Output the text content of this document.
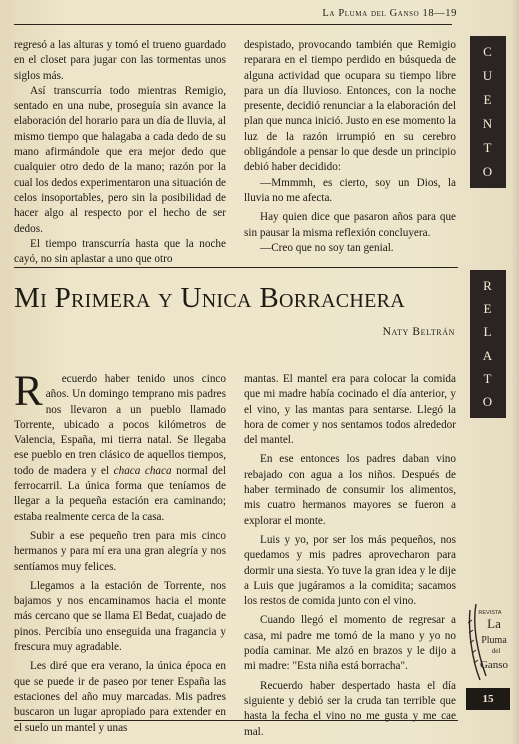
La Pluma del Ganso 18—19
C
U
E
N
T
O

regresó a las alturas y tomó el trueno guardado en el closet para jugar con las tormentas unos siglos más.

Así transcurría todo mientras Remigio, sentado en una nube, proseguía sin avance la elaboración del horario para un día de lluvia, al mismo tiempo que halagaba a cada dedo de su mano afirmándole que era mejor dedo que cualquier otro dedo de la mano; razón por la cual los dedos experimentaron una situación de celos insoportables, pero sin la posibilidad de hacer algo al respecto por el hecho de ser dedos.

El tiempo transcurría hasta que la noche cayó, no sin aplastar a uno que otro

despistado, provocando también que Remigio reparara en el tiempo perdido en búsqueda de alguna actividad que ocupara su tiempo libre para un día lluvioso. Entonces, con la noche presente, decidió renunciar a la elaboración del plan que nunca inició. Justo en ese momento la luz de la razón irrumpió en su cerebro obligándole a pensar lo que desde un principio debió haber decidido:

—Mmmmh, es cierto, soy un Dios, la lluvia no me afecta.

Hay quien dice que pasaron años para que sin pausar la misma reflexión concluyera.

—Creo que no soy tan genial.

Mi Primera y Unica Borrachera
Naty Beltrán
R
E
L
A
T
O

R ecuerdo haber tenido unos cinco años. Un domingo temprano mis padres nos llevaron a un pueblo llamado Torrente, ubicado a pocos kilómetros de Valencia, España, mi tierra natal. Se llegaba ese pueblo en tren clásico de aquellos tiempos, todo de madera y el chaca chaca normal del ferrocarril. La única forma que teníamos de llegar a la pequeña estación era caminando; estaba realmente cerca de la casa.

Subir a ese pequeño tren para mis cinco hermanos y para mí era una gran alegría y nos sentíamos muy felices.

Llegamos a la estación de Torrente, nos bajamos y nos encaminamos hacia el monte más cercano que se llama El Bedat, cuajado de pinos. Percibía uno enseguida una fragancia y frescura muy agradable.

Les diré que era verano, la única época en que se puede ir de paseo por tener España las estaciones del año muy marcadas. Mis padres buscaron un lugar apropiado para extender en el suelo un mantel y unas

mantas. El mantel era para colocar la comida que mi madre había cocinado el día anterior, y el vino, y las mantas para sentarse. Llegó la hora de comer y nos sentamos todos alrededor del mantel.

En ese entonces los padres daban vino rebajado con agua a los niños. Después de haber terminado de consumir los alimentos, mis cuatro hermanos mayores se fueron a explorar el monte.

Luis y yo, por ser los más pequeños, nos quedamos y mis padres aprovecharon para dormir una siesta. Yo tuve la gran idea y le dije a Luis que jugáramos a la comidita; sacamos los restos de comida junto con el vino.

Cuando llegó el momento de regresar a casa, mi padre me tomó de la mano y yo no podía caminar. Me alzó en brazos y le dijo a mi madre: "Esta niña está borracha".

Recuerdo haber despertado hasta el día siguiente y debió ser la cruda tan terrible que hasta la fecha el vino no me gusta y me cae mal.

REVISTA
La
Pluma
del
Ganso
15
